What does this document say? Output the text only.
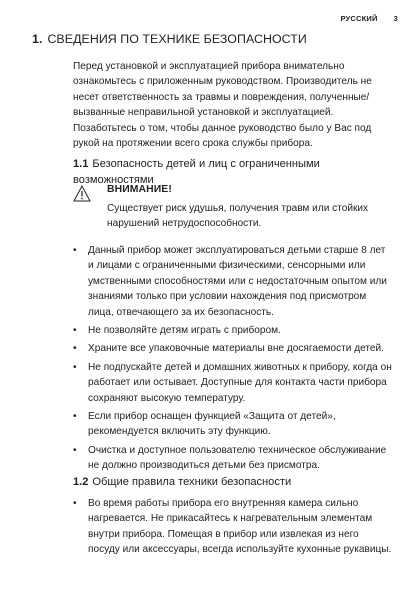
РУССКИЙ 3
1. СВЕДЕНИЯ ПО ТЕХНИКЕ БЕЗОПАСНОСТИ

Перед установкой и эксплуатацией прибора внимательно ознакомьтесь с приложенным руководством. Производитель не несет ответственность за травмы и повреждения, полученные/вызванные неправильной установкой и эксплуатацией. Позаботьтесь о том, чтобы данное руководство было у Вас под рукой на протяжении всего срока службы прибора.

1.1 Безопасность детей и лиц с ограниченными возможностями

ВНИМАНИЕ!
Существует риск удушья, получения травм или стойких нарушений нетрудоспособности.
• Данный прибор может эксплуатироваться детьми старше 8 лет и лицами с ограниченными физическими, сенсорными или умственными способностями или с недостаточным опытом или знаниями только при условии нахождения под присмотром лица, отвечающего за их безопасность.
• Не позволяйте детям играть с прибором.
• Храните все упаковочные материалы вне досягаемости детей.
• Не подпускайте детей и домашних животных к прибору, когда он работает или остывает. Доступные для контакта части прибора сохраняют высокую температуру.
• Если прибор оснащен функцией «Защита от детей», рекомендуется включить эту функцию.
• Очистка и доступное пользователю техническое обслуживание не должно производиться детьми без присмотра.

1.2 Общие правила техники безопасности

• Во время работы прибора его внутренняя камера сильно нагревается. Не прикасайтесь к нагревательным элементам внутри прибора. Помещая в прибор или извлекая из него посуду или аксессуары, всегда используйте кухонные рукавицы.
